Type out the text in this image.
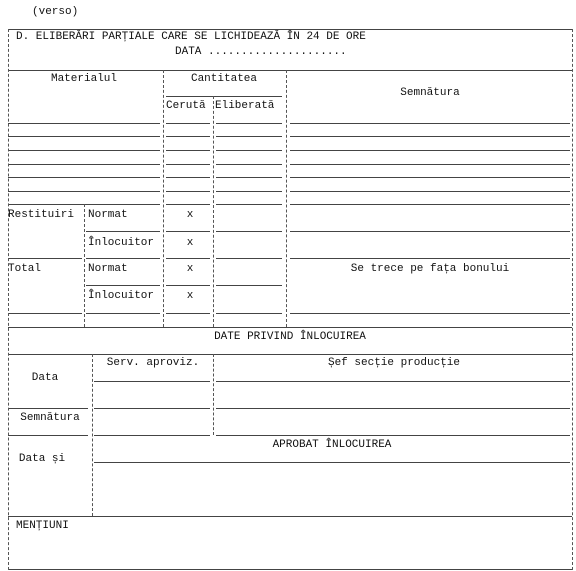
(verso)
D. ELIBERĂRI PARȚIALE CARE SE LICHIDEAZĂ ÎN 24 DE ORE
DATA .....................
Materialul	Cantitatea
Cerută Eliberată
Semnătura
Restituiri Normat	x
Înlocuitor	x
Total	Normat	x	Se trece pe fața bonului
Înlocuitor	x
DATE PRIVIND ÎNLOCUIREA
Serv. aproviz.	Șef secție producție
Data
Semnătura
APROBAT ÎNLOCUIREA
Data și
MENȚIUNI
